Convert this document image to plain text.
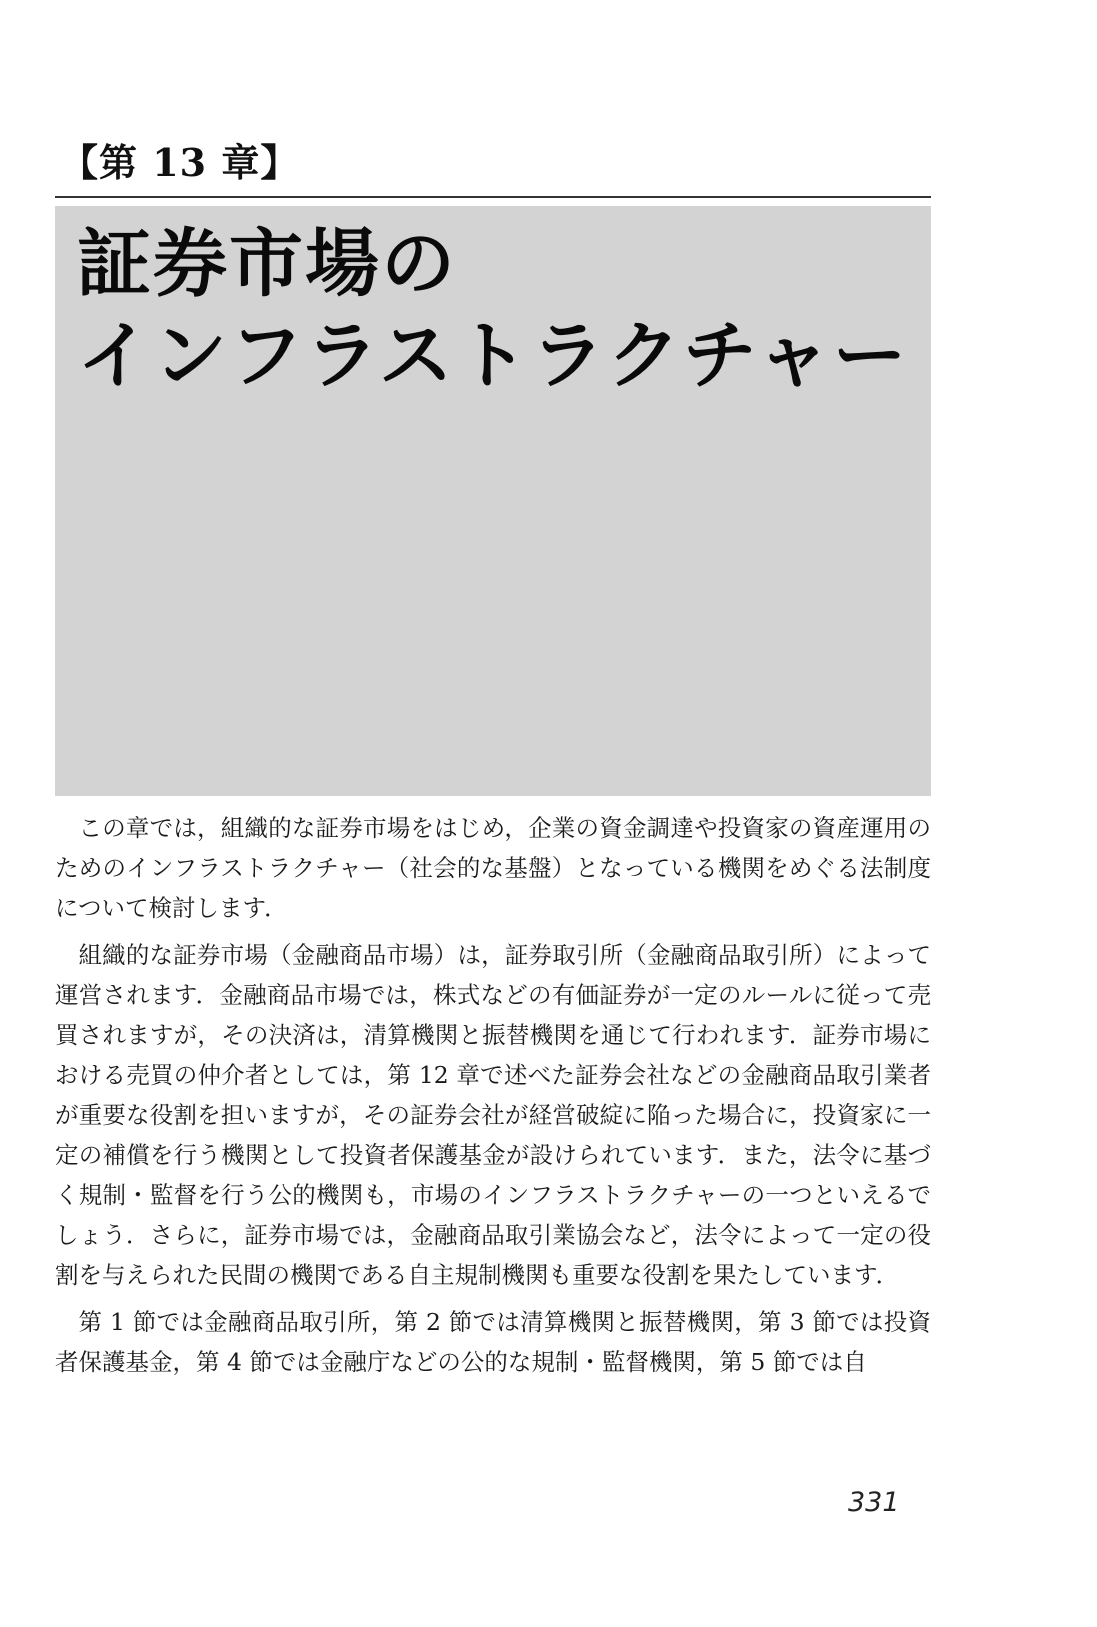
【第 13 章】
証券市場の
インフラストラクチャー

この章では，組織的な証券市場をはじめ，企業の資金調達や投資家の資産運用のためのインフラストラクチャー（社会的な基盤）となっている機関をめぐる法制度について検討します．

組織的な証券市場（金融商品市場）は，証券取引所（金融商品取引所）によって運営されます．金融商品市場では，株式などの有価証券が一定のルールに従って売買されますが，その決済は，清算機関と振替機関を通じて行われます．証券市場における売買の仲介者としては，第 12 章で述べた証券会社などの金融商品取引業者が重要な役割を担いますが，その証券会社が経営破綻に陥った場合に，投資家に一定の補償を行う機関として投資者保護基金が設けられています．また，法令に基づく規制・監督を行う公的機関も，市場のインフラストラクチャーの一つといえるでしょう．さらに，証券市場では，金融商品取引業協会など，法令によって一定の役割を与えられた民間の機関である自主規制機関も重要な役割を果たしています．

第 1 節では金融商品取引所，第 2 節では清算機関と振替機関，第 3 節では投資者保護基金，第 4 節では金融庁などの公的な規制・監督機関，第 5 節では自

331
